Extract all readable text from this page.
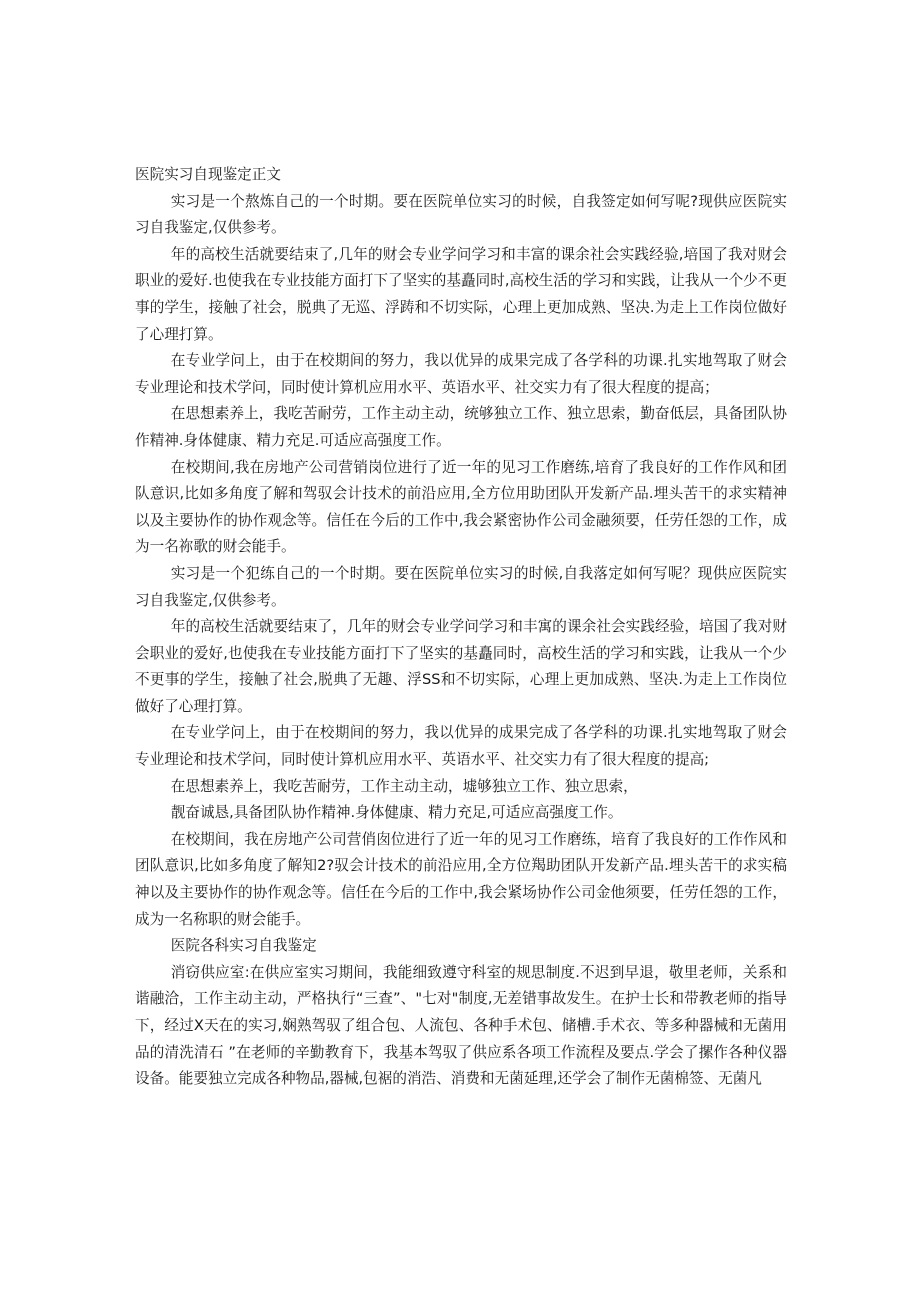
医院实习自现鉴定正文

实习是一个熬炼自己的一个时期。要在医院单位实习的时候，自我签定如何写呢?现供应医院实习自我鉴定,仅供参考。

年的高校生活就要结束了,几年的财会专业学问学习和丰富的课余社会实践经验,培国了我对财会职业的爱好.也使我在专业技能方面打下了坚实的基矗同时,高校生活的学习和实践，让我从一个少不更事的学生，接触了社会，脱典了无巡、浮踌和不切实际，心理上更加成熟、坚决.为走上工作岗位做好了心理打算。

在专业学问上，由于在校期间的努力，我以优异的成果完成了各学科的功课.扎实地驾取了财会专业理论和技术学问，同时使计算机应用水平、英语水平、社交实力有了很大程度的提高；

在思想素养上，我吃苦耐劳，工作主动主动，统够独立工作、独立思索，勤奋低层，具备团队协作精神.身体健康、精力充足.可适应高强度工作。

在校期间,我在房地产公司营销岗位进行了近一年的见习工作磨练,培育了我良好的工作作风和团队意识,比如多角度了解和驾驭会计技术的前沿应用,全方位用助团队开发新产品.埋头苦干的求实精神以及主要协作的协作观念等。信任在今后的工作中,我会紧密协作公司金融须要，任劳任怨的工作，成为一名祢歌的财会能手。

实习是一个犯练自己的一个时期。要在医院单位实习的时候,自我落定如何写呢？现供应医院实习自我鉴定,仅供参考。

年的高校生活就要结束了，几年的财会专业学问学习和丰寓的课余社会实践经验，培国了我对财会职业的爱好,也使我在专业技能方面打下了坚实的基矗同时，高校生活的学习和实践，让我从一个少不更事的学生，接触了社会,脱典了无趣、浮SS和不切实际，心理上更加成熟、坚决.为走上工作岗位做好了心理打算。

在专业学问上，由于在校期间的努力，我以优异的成果完成了各学科的功课.扎实地驾取了财会专业理论和技术学问，同时使计算机应用水平、英语水平、社交实力有了很大程度的提高;

在思想素养上，我吃苦耐劳，工作主动主动，墟够独立工作、独立思索，

靓奋诚恳,具备团队协作精神.身体健康、精力充足,可适应高强度工作。

在校期间，我在房地产公司营俏囱位进行了近一年的见习工作磨练，培育了我良好的工作作风和团队意识,比如多角度了解知2?驭会计技术的前沿应用,全方位羯助团队开发新产品.埋头苦干的求实稿神以及主要协作的协作观念等。信任在今后的工作中,我会紧场协作公司金他须要，任劳任怨的工作，成为一名称职的财会能手。

医院各科实习自我鉴定

消窃供应室:在供应室实习期间，我能细致遵守科室的规思制度.不迟到早退，敬里老师，关系和谐融洽，工作主动主动，严格执行“三查”、"七对"制度,无差错事故发生。在护士长和带教老师的指导下，经过X天在的实习,娴熟驾驭了组合包、人流包、各种手术包、储槽.手术衣、等多种器械和无菌用品的清洗清石 ”在老师的辛勤教育下，我基本驾驭了供应系各项工作流程及要点.学会了摞作各种仪器设备。能要独立完成各种物品,器械,包裾的消浩、消费和无菌延理,还学会了制作无菌棉签、无菌凡
